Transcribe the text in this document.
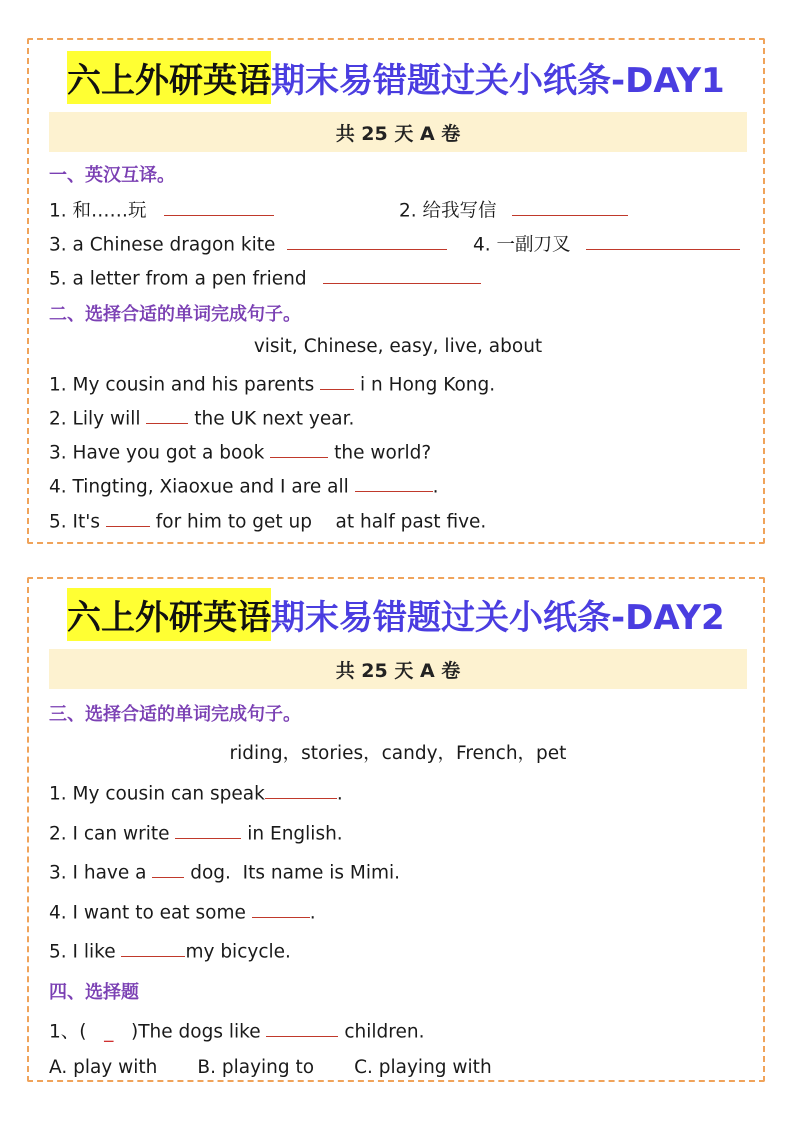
六上外研英语 期末易错题过关小纸条-DAY1
共 25 天 A 卷
一、英汉互译。
1. 和……玩	2. 给我写信
3. a Chinese dragon kite	4. 一副刀叉
5. a letter from a pen friend
二、选择合适的单词完成句子。
visit, Chinese, easy, live, about
1. My cousin and his parents  i n Hong Kong.
2. Lily will  the UK next year.
3. Have you got a book	the world?
4. Tingting, Xiaoxue and I are all	.
5. It's  for him to get up    at half past five.
六上外研英语 期末易错题过关小纸条-DAY2
共 25 天 A 卷
三、选择合适的单词完成句子。
riding，stories，candy，French，pet
1. My cousin can speak	.
2. I can write	in English.
3. I have a  dog.  Its name is Mimi.
4. I want to eat some	.
5. I like	my bicycle.
四、选择题
1、(   _   )The dogs like	children.
A. play with B. playing to C. playing with
